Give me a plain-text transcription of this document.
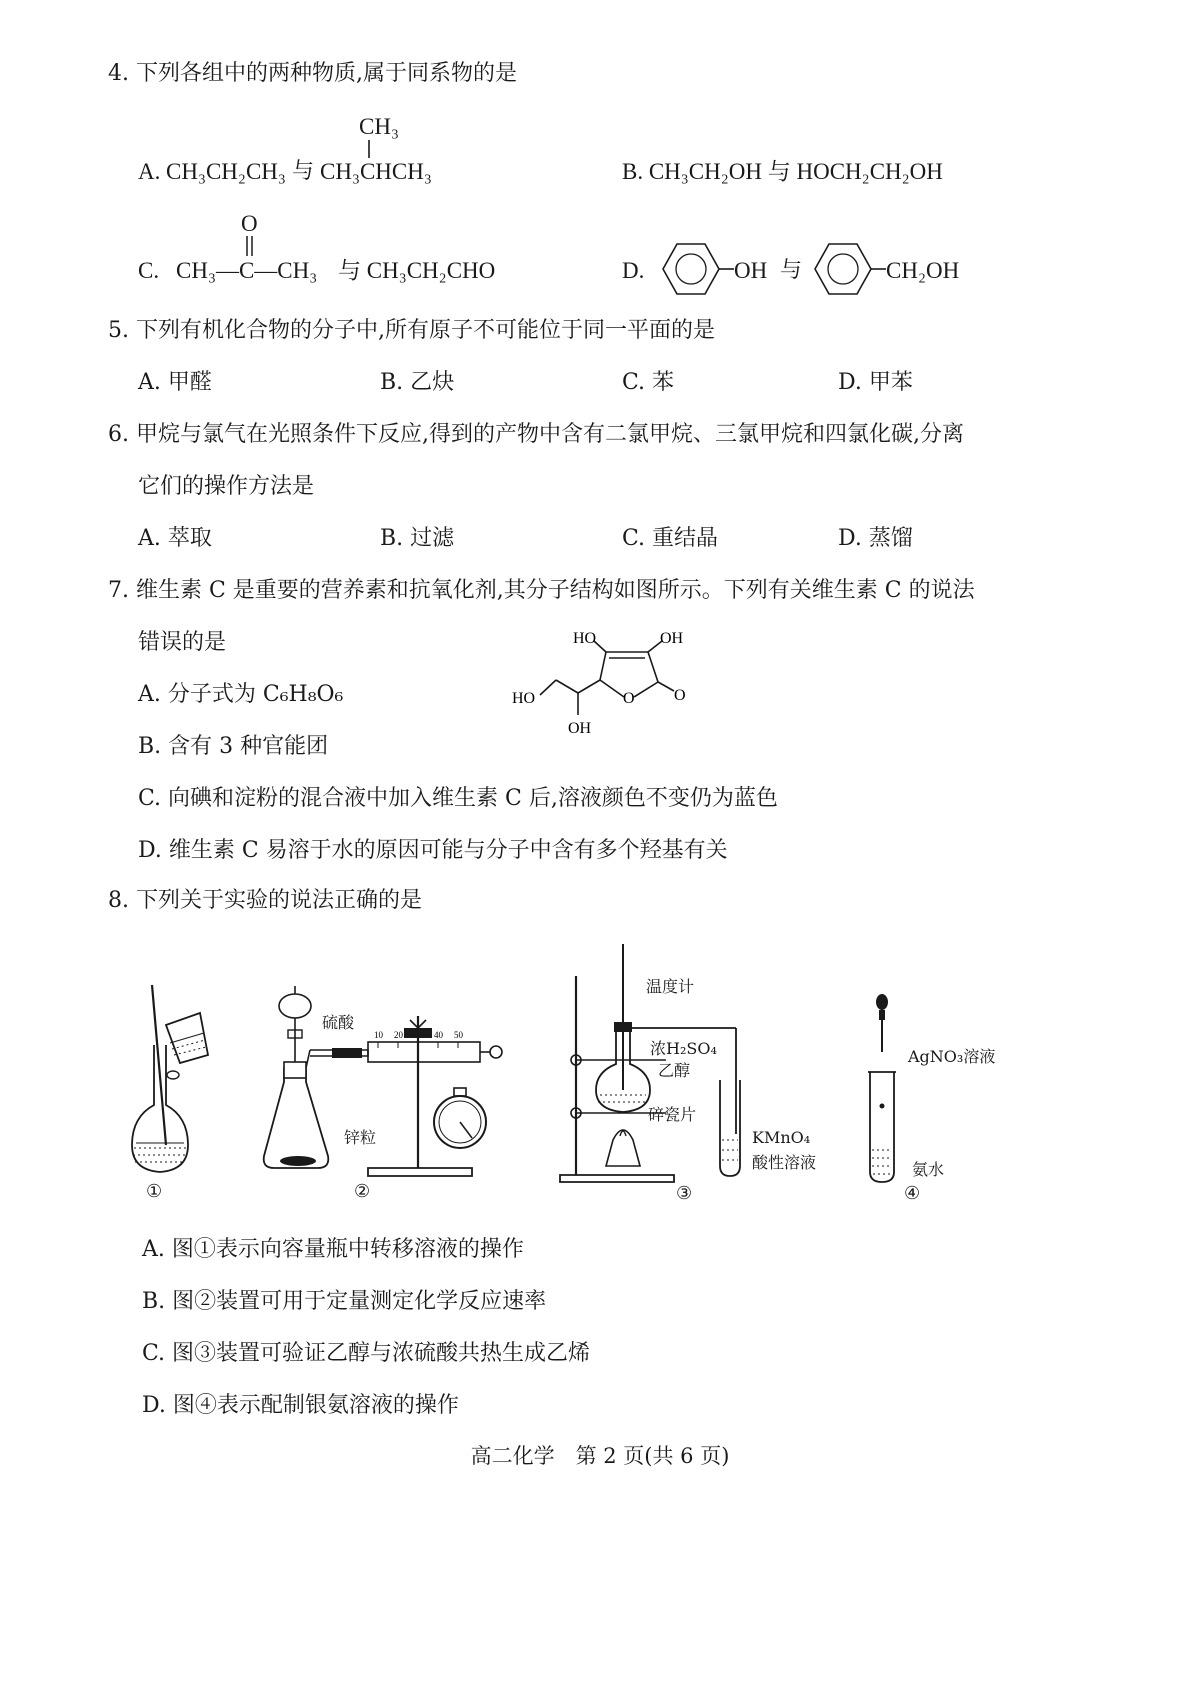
4. 下列各组中的两种物质,属于同系物的是
CH₃
A. CH₃CH₂CH₃ 与 CH₃CHCH₃	B. CH₃CH₂OH 与 HOCH₂CH₂OH
O
C. CH₃—C—CH₃ 与 CH₃CH₂CHO	D.	OH 与	CH₂OH
5. 下列有机化合物的分子中,所有原子不可能位于同一平面的是
A. 甲醛	B. 乙炔	C. 苯	D. 甲苯
6. 甲烷与氯气在光照条件下反应,得到的产物中含有二氯甲烷、三氯甲烷和四氯化碳,分离
它们的操作方法是
A. 萃取	B. 过滤	C. 重结晶	D. 蒸馏
7. 维生素 C 是重要的营养素和抗氧化剂,其分子结构如图所示。下列有关维生素 C 的说法
错误的是
A. 分子式为 C₆H₈O₆
B. 含有 3 种官能团
C. 向碘和淀粉的混合液中加入维生素 C 后,溶液颜色不变仍为蓝色
D. 维生素 C 易溶于水的原因可能与分子中含有多个羟基有关
HO	OH
HO	O O
OH
8. 下列关于实验的说法正确的是
①
10 20	40 50
硫酸
锌粒
②
温度计
浓H₂SO₄
乙醇
碎瓷片
KMnO₄
酸性溶液
③
AgNO₃溶液
氨水
④
A. 图①表示向容量瓶中转移溶液的操作
B. 图②装置可用于定量测定化学反应速率
C. 图③装置可验证乙醇与浓硫酸共热生成乙烯
D. 图④表示配制银氨溶液的操作
高二化学　第 2 页(共 6 页)
